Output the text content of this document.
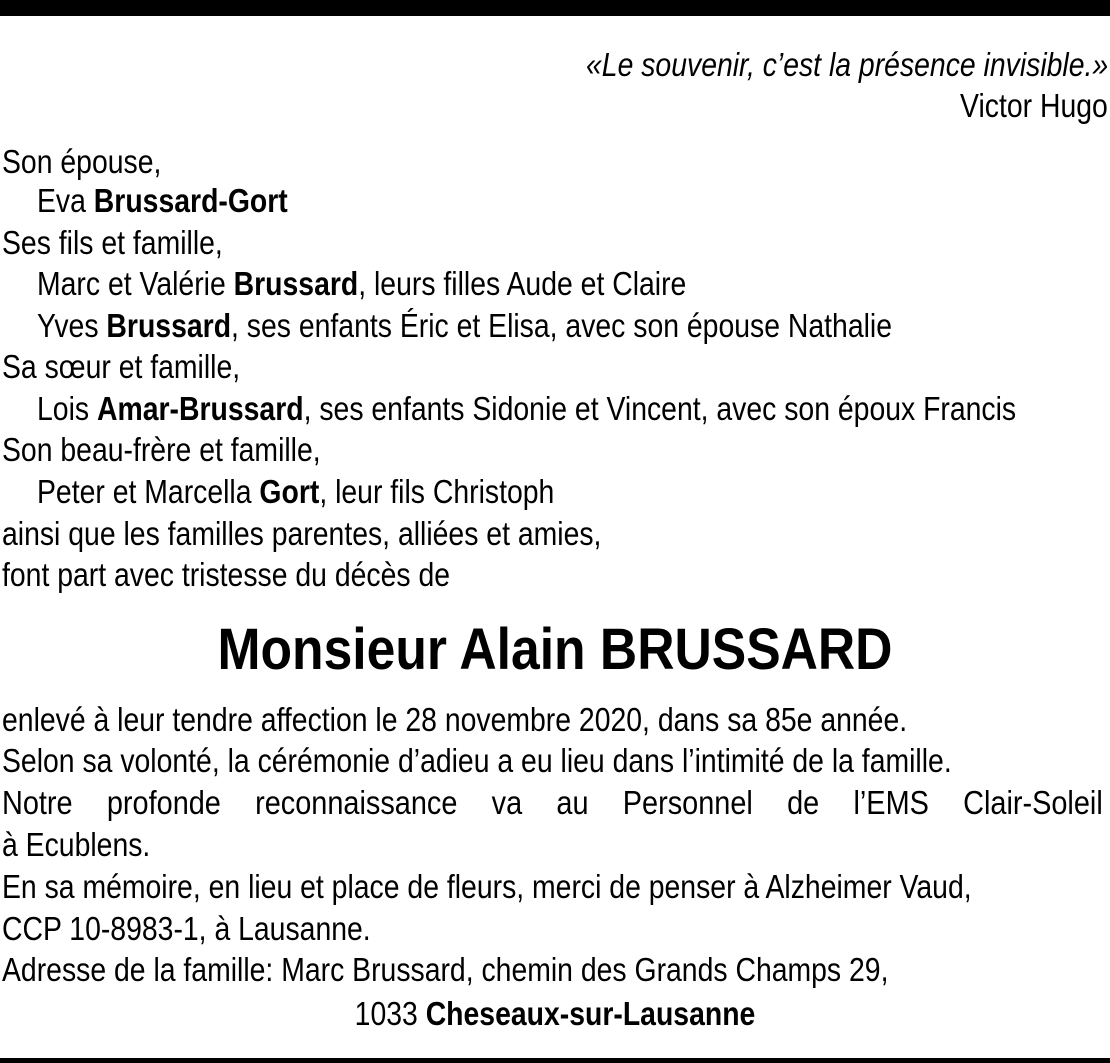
«Le souvenir, c’est la présence invisible.»
Victor Hugo
Son épouse,
Eva Brussard-Gort
Ses fils et famille,
Marc et Valérie Brussard, leurs filles Aude et Claire
Yves Brussard, ses enfants Éric et Elisa, avec son épouse Nathalie
Sa sœur et famille,
Lois Amar-Brussard, ses enfants Sidonie et Vincent, avec son époux Francis
Son beau-frère et famille,
Peter et Marcella Gort, leur fils Christoph
ainsi que les familles parentes, alliées et amies,
font part avec tristesse du décès de
Monsieur Alain BRUSSARD
enlevé à leur tendre affection le 28 novembre 2020, dans sa 85e année.
Selon sa volonté, la cérémonie d’adieu a eu lieu dans l’intimité de la famille.
Notre profonde reconnaissance va au Personnel de l’EMS Clair-Soleil
à Ecublens.
En sa mémoire, en lieu et place de fleurs, merci de penser à Alzheimer Vaud,
CCP 10-8983-1, à Lausanne.
Adresse de la famille: Marc Brussard, chemin des Grands Champs 29,
1033 Cheseaux-sur-Lausanne
